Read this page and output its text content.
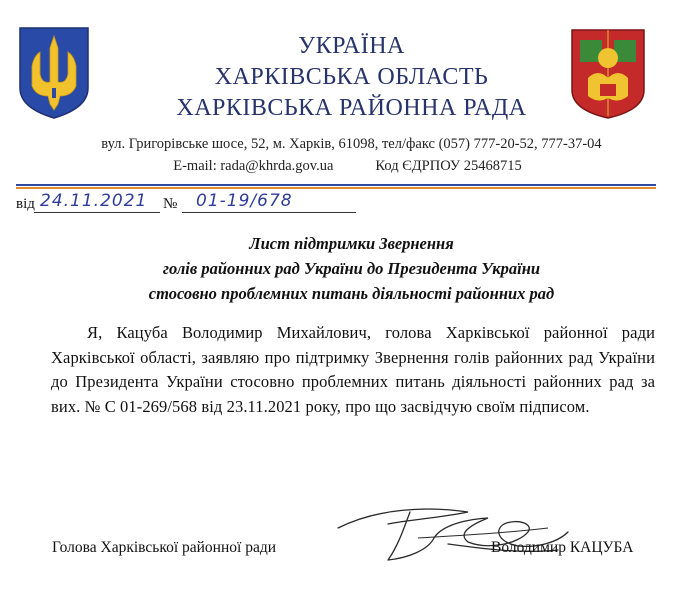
УКРАЇНА
ХАРКІВСЬКА ОБЛАСТЬ
ХАРКІВСЬКА РАЙОННА РАДА
вул. Григорівське шосе, 52, м. Харків, 61098, тел/факс (057) 777-20-52, 777-37-04
E-mail: rada@khrda.gov.ua	Код ЄДРПОУ 25468715
від 24.11.2021 № 01-19/678
Лист підтримки Звернення
голів районних рад України до Президента України
стосовно проблемних питань діяльності районних рад
Я, Кацуба Володимир Михайлович, голова Харківської районної ради Харківської області, заявляю про підтримку Звернення голів районних рад України до Президента України стосовно проблемних питань діяльності районних рад за вих. № С 01-269/568 від 23.11.2021 року, про що засвідчую своїм підписом.
Голова Харківської районної ради	Володимир КАЦУБА
